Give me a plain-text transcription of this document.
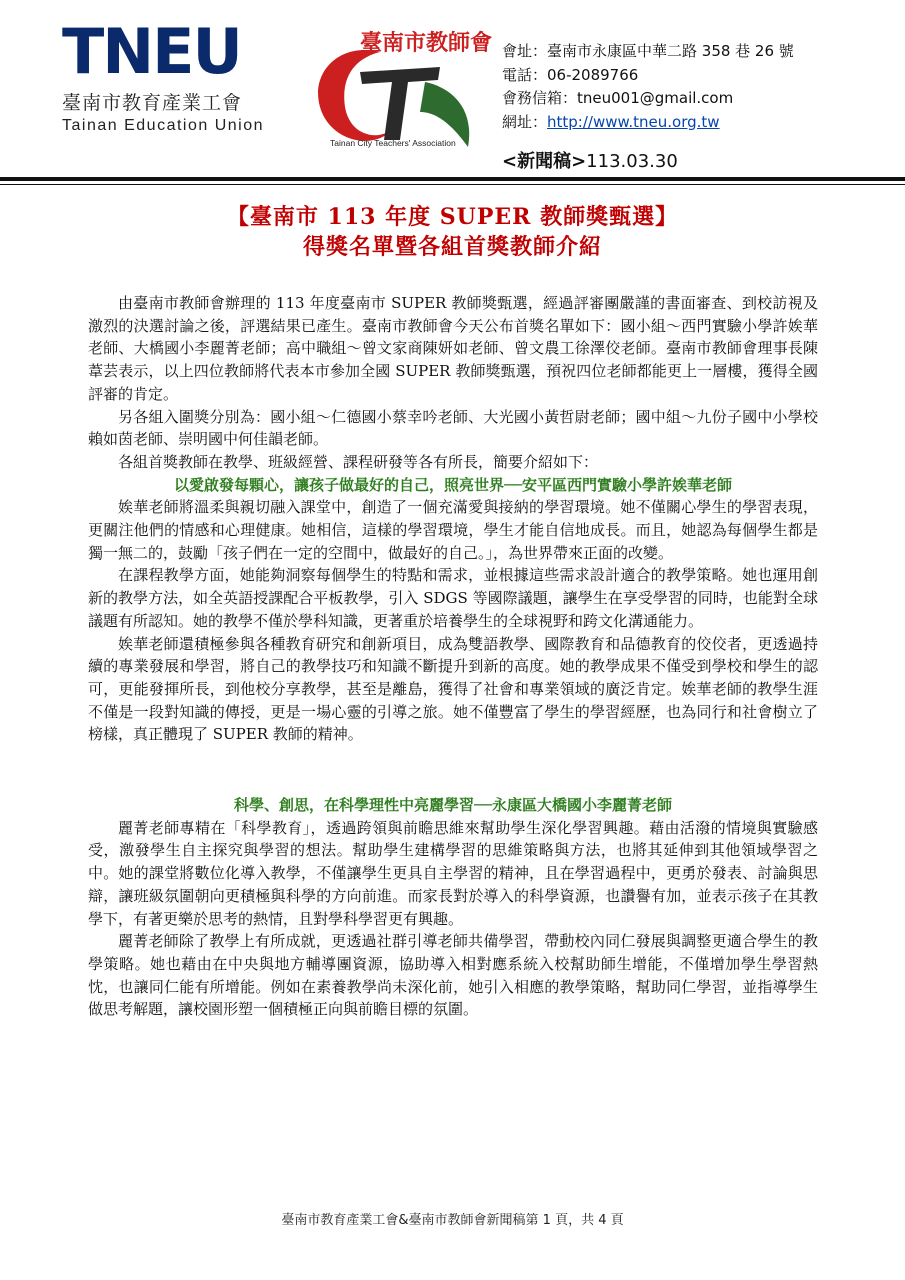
TNEU
臺南市教育產業工會
Tainan Education Union
臺南市教師會
Tainan City Teachers' Association
會址：臺南市永康區中華二路 358 巷 26 號
電話：06-2089766
會務信箱：tneu001@gmail.com
網址：http://www.tneu.org.tw
<新聞稿>113.03.30
【臺南市 113 年度 SUPER 教師獎甄選】
得獎名單暨各組首獎教師介紹

由臺南市教師會辦理的 113 年度臺南市 SUPER 教師獎甄選，經過評審團嚴謹的書面審查、到校訪視及激烈的決選討論之後，評選結果已產生。臺南市教師會今天公布首獎名單如下：國小組～西門實驗小學許娭華老師、大橋國小李麗菁老師；高中職組～曾文家商陳妍如老師、曾文農工徐澤佼老師。臺南市教師會理事長陳葦芸表示，以上四位教師將代表本市參加全國 SUPER 教師獎甄選，預祝四位老師都能更上一層樓，獲得全國評審的肯定。

另各組入圍獎分別為：國小組～仁德國小蔡幸吟老師、大光國小黃哲尉老師；國中組～九份子國中小學校賴如茵老師、崇明國中何佳韻老師。

各組首獎教師在教學、班級經營、課程研發等各有所長，簡要介紹如下：

以愛啟發每顆心，讓孩子做最好的自己，照亮世界──安平區西門實驗小學許娭華老師

娭華老師將溫柔與親切融入課堂中，創造了一個充滿愛與接納的學習環境。她不僅關心學生的學習表現，更關注他們的情感和心理健康。她相信，這樣的學習環境，學生才能自信地成長。而且，她認為每個學生都是獨一無二的，鼓勵「孩子們在一定的空間中，做最好的自己。」，為世界帶來正面的改變。

在課程教學方面，她能夠洞察每個學生的特點和需求，並根據這些需求設計適合的教學策略。她也運用創新的教學方法，如全英語授課配合平板教學，引入 SDGS 等國際議題，讓學生在享受學習的同時，也能對全球議題有所認知。她的教學不僅於學科知識，更著重於培養學生的全球視野和跨文化溝通能力。

娭華老師還積極參與各種教育研究和創新項目，成為雙語教學、國際教育和品德教育的佼佼者，更透過持續的專業發展和學習，將自己的教學技巧和知識不斷提升到新的高度。她的教學成果不僅受到學校和學生的認可，更能發揮所長，到他校分享教學，甚至是離島，獲得了社會和專業領域的廣泛肯定。娭華老師的教學生涯不僅是一段對知識的傳授，更是一場心靈的引導之旅。她不僅豐富了學生的學習經歷，也為同行和社會樹立了榜樣，真正體現了 SUPER 教師的精神。

科學、創思，在科學理性中亮麗學習──永康區大橋國小李麗菁老師

麗菁老師專精在「科學教育」，透過跨領與前瞻思維來幫助學生深化學習興趣。藉由活潑的情境與實驗感受，激發學生自主探究與學習的想法。幫助學生建構學習的思維策略與方法，也將其延伸到其他領域學習之中。她的課堂將數位化導入教學，不僅讓學生更具自主學習的精神，且在學習過程中，更勇於發表、討論與思辯，讓班級氛圍朝向更積極與科學的方向前進。而家長對於導入的科學資源，也讚譽有加，並表示孩子在其教學下，有著更樂於思考的熱情，且對學科學習更有興趣。

麗菁老師除了教學上有所成就，更透過社群引導老師共備學習，帶動校內同仁發展與調整更適合學生的教學策略。她也藉由在中央與地方輔導團資源，協助導入相對應系統入校幫助師生增能，不僅增加學生學習熱忱，也讓同仁能有所增能。例如在素養教學尚未深化前，她引入相應的教學策略，幫助同仁學習，並指導學生做思考解題，讓校園形塑一個積極正向與前瞻目標的氛圍。

臺南市教育產業工會&臺南市教師會新聞稿第 1 頁，共 4 頁
